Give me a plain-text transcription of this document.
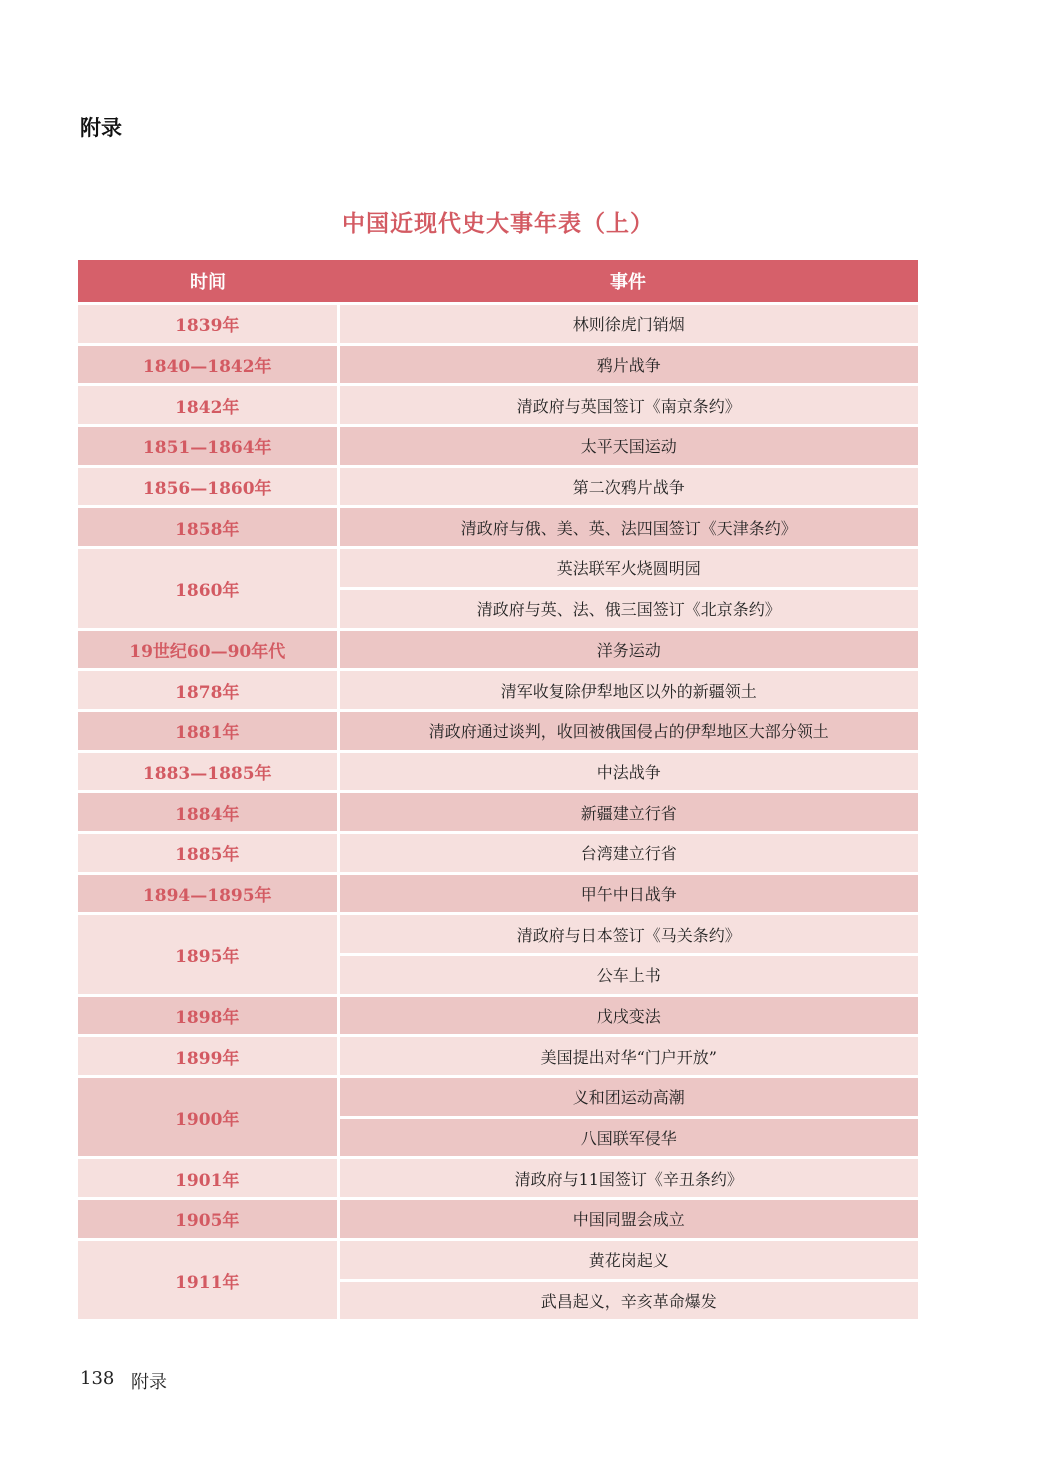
附录
中国近现代史大事年表（上）
时间	事件
1839年	林则徐虎门销烟
1840—1842年	鸦片战争
1842年	清政府与英国签订《南京条约》
1851—1864年	太平天国运动
1856—1860年	第二次鸦片战争
1858年	清政府与俄、美、英、法四国签订《天津条约》
1860年	英法联军火烧圆明园
	清政府与英、法、俄三国签订《北京条约》
19世纪60—90年代	洋务运动
1878年	清军收复除伊犁地区以外的新疆领土
1881年	清政府通过谈判，收回被俄国侵占的伊犁地区大部分领土
1883—1885年	中法战争
1884年	新疆建立行省
1885年	台湾建立行省
1894—1895年	甲午中日战争
1895年	清政府与日本签订《马关条约》
	公车上书
1898年	戊戌变法
1899年	美国提出对华“门户开放”
1900年	义和团运动高潮
	八国联军侵华
1901年	清政府与11国签订《辛丑条约》
1905年	中国同盟会成立
1911年	黄花岗起义
	武昌起义，辛亥革命爆发
138 附录
